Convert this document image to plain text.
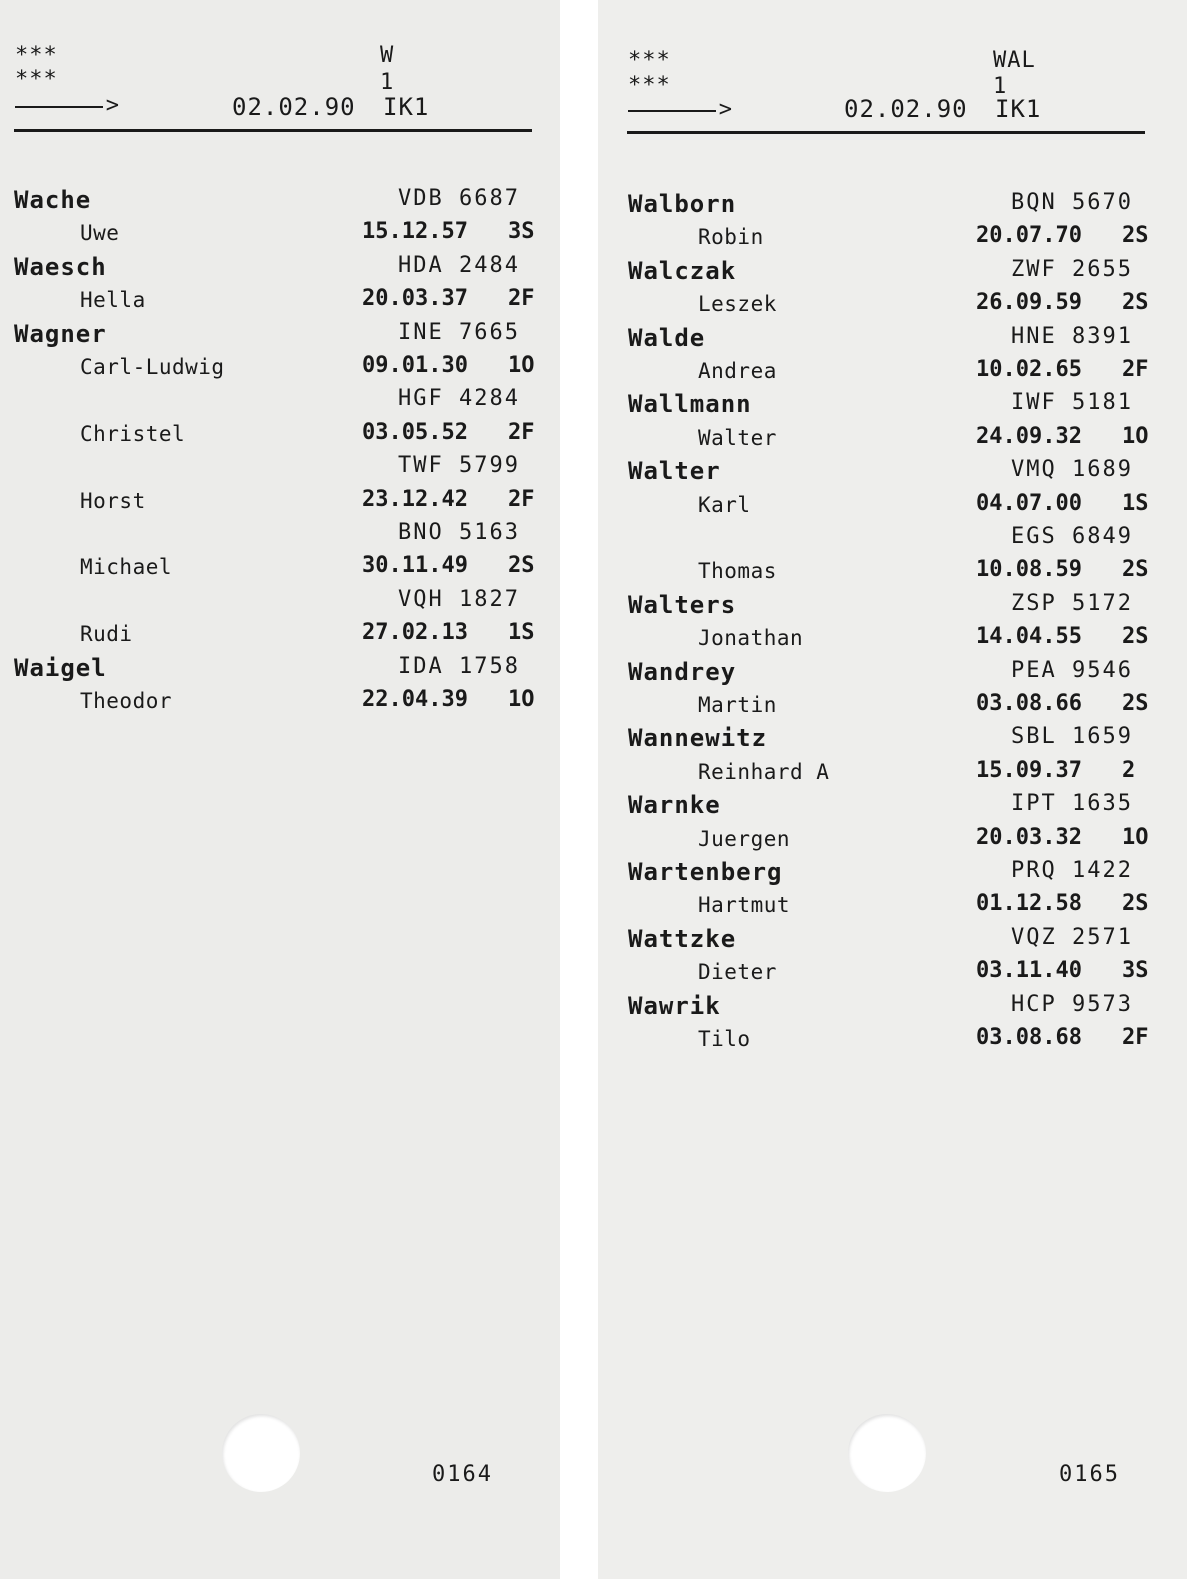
***
***
W
1
>
02.02.90 IK1
Wache	VDB 6687
Uwe	15.12.57 3S
Waesch	HDA 2484
Hella	20.03.37 2F
Wagner	INE 7665
Carl-Ludwig	09.01.30 1O
HGF 4284
Christel	03.05.52 2F
TWF 5799
Horst	23.12.42 2F
BNO 5163
Michael	30.11.49 2S
VQH 1827
Rudi	27.02.13 1S
Waigel	IDA 1758
Theodor	22.04.39 1O
0164
***
***
WAL
1
>
02.02.90 IK1
Walborn	BQN 5670
Robin	20.07.70 2S
Walczak	ZWF 2655
Leszek	26.09.59 2S
Walde	HNE 8391
Andrea	10.02.65 2F
Wallmann	IWF 5181
Walter	24.09.32 1O
Walter	VMQ 1689
Karl	04.07.00 1S
EGS 6849
Thomas	10.08.59 2S
Walters	ZSP 5172
Jonathan	14.04.55 2S
Wandrey	PEA 9546
Martin	03.08.66 2S
Wannewitz	SBL 1659
Reinhard A	15.09.37 2
Warnke	IPT 1635
Juergen	20.03.32 1O
Wartenberg	PRQ 1422
Hartmut	01.12.58 2S
Wattzke	VQZ 2571
Dieter	03.11.40 3S
Wawrik	HCP 9573
Tilo	03.08.68 2F
0165
